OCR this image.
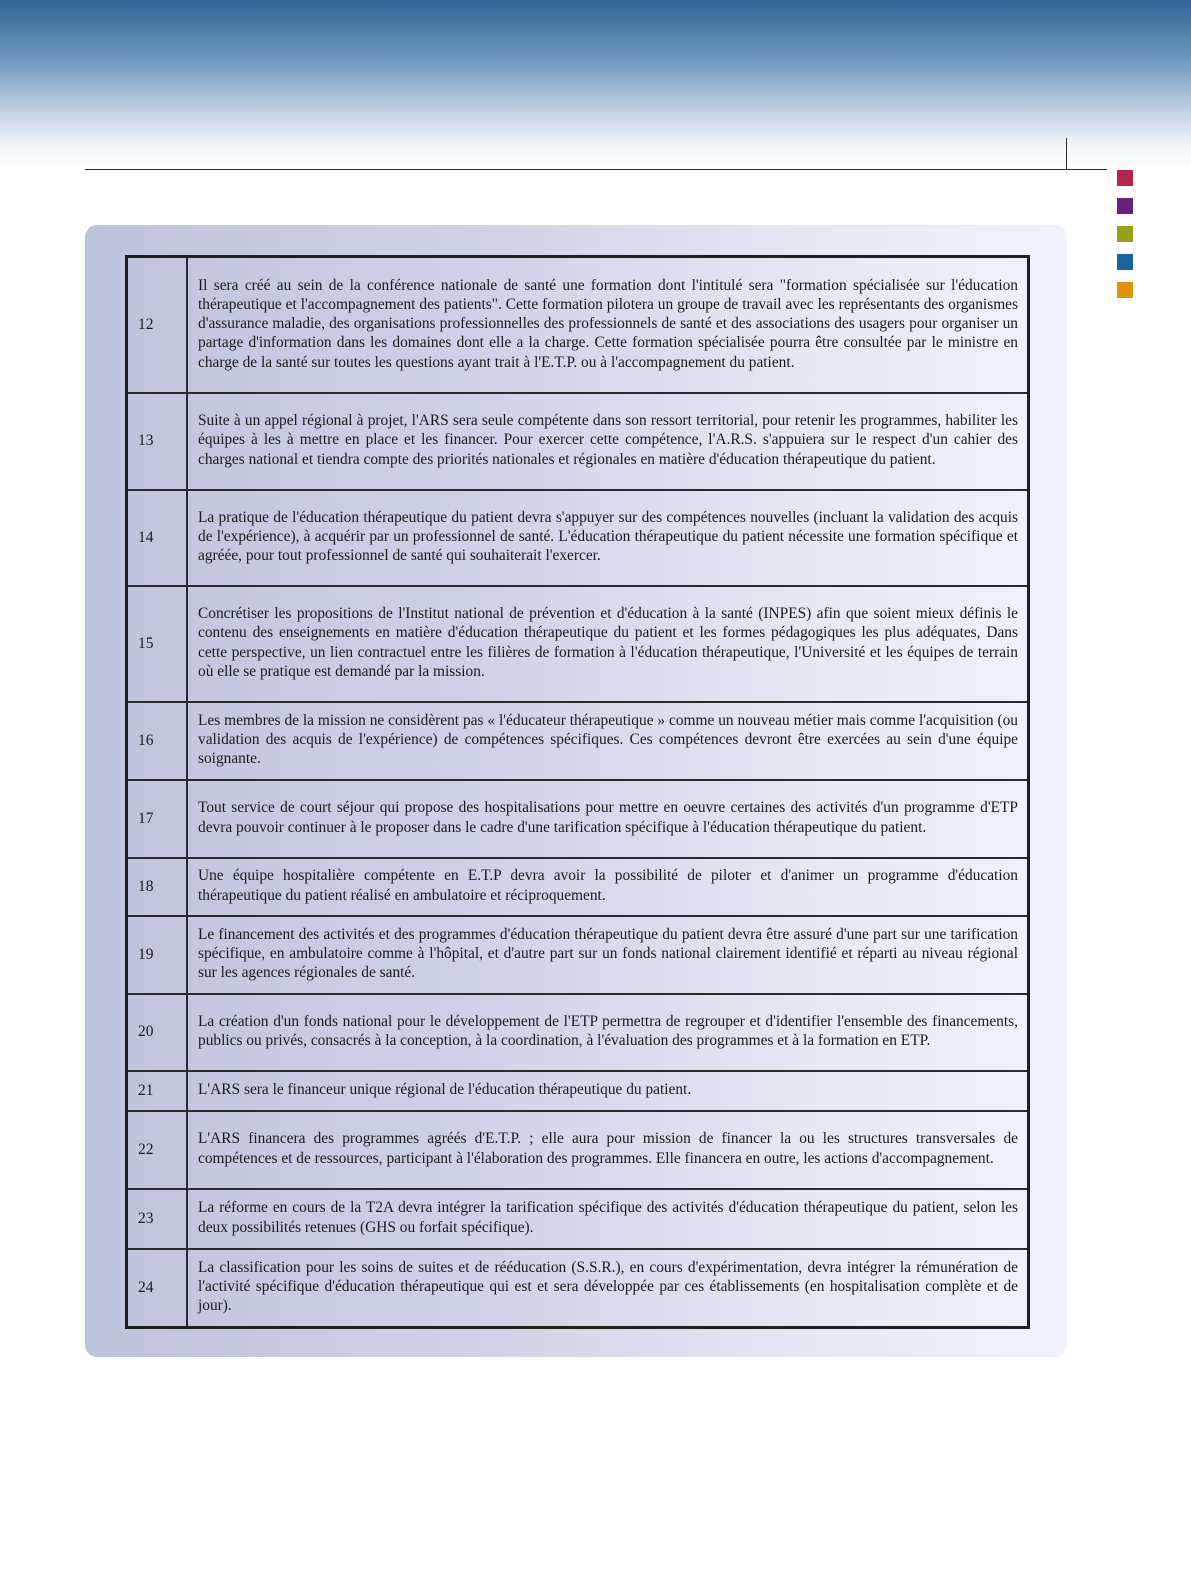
12	Il sera créé au sein de la conférence nationale de santé une formation dont l'intitulé sera "formation spécialisée sur l'éducation thérapeutique et l'accompagnement des patients". Cette formation pilotera un groupe de travail avec les représentants des organismes d'assurance maladie, des organisations professionnelles des professionnels de santé et des associations des usagers pour organiser un partage d'information dans les domaines dont elle a la charge. Cette formation spécialisée pourra être consultée par le ministre en charge de la santé sur toutes les questions ayant trait à l'E.T.P. ou à l'accompagnement du patient.
13	Suite à un appel régional à projet, l'ARS sera seule compétente dans son ressort territorial, pour retenir les programmes, habiliter les équipes à les à mettre en place et les financer. Pour exercer cette compétence, l'A.R.S. s'appuiera sur le respect d'un cahier des charges national et tiendra compte des priorités nationales et régionales en matière d'éducation thérapeutique du patient.
14	La pratique de l'éducation thérapeutique du patient devra s'appuyer sur des compétences nouvelles (incluant la validation des acquis de l'expérience), à acquérir par un professionnel de santé. L'éducation thérapeutique du patient nécessite une formation spécifique et agréée, pour tout professionnel de santé qui souhaiterait l'exercer.
15	Concrétiser les propositions de l'Institut national de prévention et d'éducation à la santé (INPES) afin que soient mieux définis le contenu des enseignements en matière d'éducation thérapeutique du patient et les formes pédagogiques les plus adéquates, Dans cette perspective, un lien contractuel entre les filières de formation à l'éducation thérapeutique, l'Université et les équipes de terrain où elle se pratique est demandé par la mission.
16	Les membres de la mission ne considèrent pas « l'éducateur thérapeutique » comme un nouveau métier mais comme l'acquisition (ou validation des acquis de l'expérience) de compétences spécifiques. Ces compétences devront être exercées au sein d'une équipe soignante.
17	Tout service de court séjour qui propose des hospitalisations pour mettre en oeuvre certaines des activités d'un programme d'ETP devra pouvoir continuer à le proposer dans le cadre d'une tarification spécifique à l'éducation thérapeutique du patient.
18	Une équipe hospitalière compétente en E.T.P devra avoir la possibilité de piloter et d'animer un programme d'éducation thérapeutique du patient réalisé en ambulatoire et réciproquement.
19	Le financement des activités et des programmes d'éducation thérapeutique du patient devra être assuré d'une part sur une tarification spécifique, en ambulatoire comme à l'hôpital, et d'autre part sur un fonds national clairement identifié et réparti au niveau régional sur les agences régionales de santé.
20	La création d'un fonds national pour le développement de l'ETP permettra de regrouper et d'identifier l'ensemble des financements, publics ou privés, consacrés à la conception, à la coordination, à l'évaluation des programmes et à la formation en ETP.
21	L'ARS sera le financeur unique régional de l'éducation thérapeutique du patient.
22	L'ARS financera des programmes agréés d'E.T.P. ; elle aura pour mission de financer la ou les structures transversales de compétences et de ressources, participant à l'élaboration des programmes. Elle financera en outre, les actions d'accompagnement.
23	La réforme en cours de la T2A devra intégrer la tarification spécifique des activités d'éducation thérapeutique du patient, selon les deux possibilités retenues (GHS ou forfait spécifique).
24	La classification pour les soins de suites et de rééducation (S.S.R.), en cours d'expérimentation, devra intégrer la rémunération de l'activité spécifique d'éducation thérapeutique qui est et sera développée par ces établissements (en hospitalisation complète et de jour).
